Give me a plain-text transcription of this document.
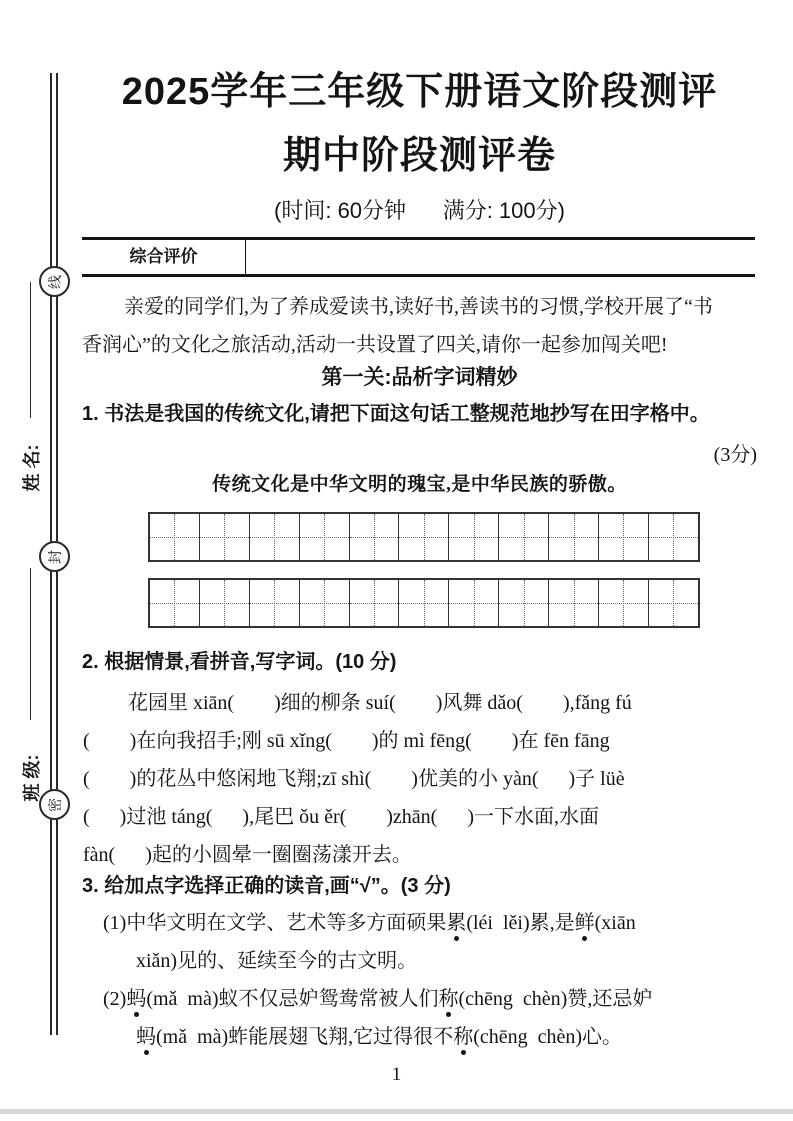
线
封
密
姓 名:
班 级:
2025学年三年级下册语文阶段测评
期中阶段测评卷
(时间: 60分钟      满分: 100分)
综合评价
亲爱的同学们,为了养成爱读书,读好书,善读书的习惯,学校开展了“书
香润心”的文化之旅活动,活动一共设置了四关,请你一起参加闯关吧!
第一关:品析字词精妙
1. 书法是我国的传统文化,请把下面这句话工整规范地抄写在田字格中。
(3分)
传统文化是中华文明的瑰宝,是中华民族的骄傲。
2. 根据情景,看拼音,写字词。(10 分)
花园里 xiān(        )细的柳条 suí(        )风舞 dǎo(        ),fǎng fú
(        )在向我招手;刚 sū xǐng(        )的 mì fēng(        )在 fēn fāng
(        )的花丛中悠闲地飞翔;zī shì(        )优美的小 yàn(      )子 lüè
(      )过池 táng(      ),尾巴 ǒu ěr(        )zhān(      )一下水面,水面
fàn(      )起的小圆晕一圈圈荡漾开去。
3. 给加点字选择正确的读音,画“√”。(3 分)
(1)中华文明在文学、艺术等多方面硕果累(léi  lěi)累,是鲜(xiān
xiǎn)见的、延续至今的古文明。
(2)蚂(mǎ  mà)蚁不仅忌妒鸳鸯常被人们称(chēng  chèn)赞,还忌妒
蚂(mǎ  mà)蚱能展翅飞翔,它过得很不称(chēng  chèn)心。
1
